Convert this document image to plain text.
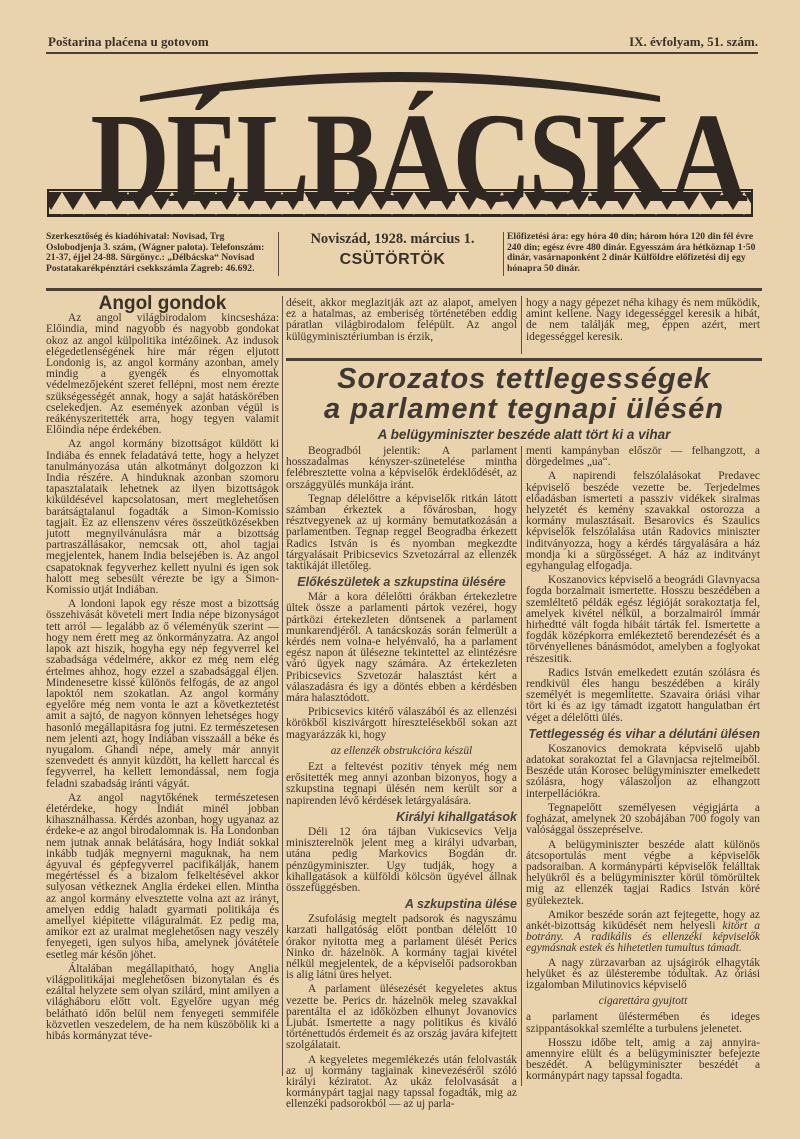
Poštarina plaćena u gotovom	IX. évfolyam, 51. szám.
DÉLBÁCSKA
Szerkesztőség és kiadóhivatal: Novisad, Trg Oslobodjenja 3. szám, (Wágner palota). Telefonszám: 21-37, éjjel 24-88. Sürgönyc.: „Délbácska“ Novisad Postatakarékpénztári csekkszámla Zagreb: 46.692.
Noviszád, 1928. március 1.
CSÜTÖRTÖK
Előfizetési ára: egy hóra 40 din; három hóra 120 din fél évre 240 din; egész évre 480 dinár. Egyesszám ára hétköznap 1·50 dinár, vasárnaponként 2 dinár Külföldre előfizetési dij egy hónapra 50 dinár.
Angol gondok

Az angol világbirodalom kincsesháza: Előindia, mind nagyobb és nagyobb gondokat okoz az angol külpolitika intézőinek. Az indusok elégedetlenségének hire már régen eljutott Londonig is, az angol kormány azonban, amely mindig a gyengék és elnyomottak védelmezőjeként szeret fellépni, most nem érezte szükségességét annak, hogy a saját hatáskörében cselekedjen. Az események azonban végül is reákényszeritették arra, hogy tegyen valamit Előindia népe érdekében.

Az angol kormány bizottságot küldött ki Indiába és ennek feladatává tette, hogy a helyzet tanulmányozása után alkotmányt dolgozzon ki India részére. A hinduknak azonban szomoru tapasztalataik lehetnek az ilyen bizottságok kiküldésével kapcsolatosan, mert meglehetősen barátságtalanul fogadták a Simon-Komissio tagjait. Ez az ellenszenv véres összeütközésekben jutott megnyilvánulásra már a bizottság partraszállásakor, nemcsak ott, ahol tagjai megjelentek, hanem India belsejében is. Az angol csapatoknak fegyverhez kellett nyulni és igen sok halott meg sebesült vérezte be igy a Simon-Komissio utját Indiában.

A londoni lapok egy része most a bizottság összehivását követeli mert India népe bizonyságot tett arról — legalább az ő véleményük szerint — hogy nem érett meg az önkormányzatra. Az angol lapok azt hiszik, hogyha egy nép fegyverrel kel szabadsága védelmére, akkor ez még nem elég értelmes ahhoz, hogy ezzel a szabadsággal éljen. Mindenesetre kissé különös felfogás, de az angol lapoktól nem szokatlan. Az angol kormány egyelőre még nem vonta le azt a következtetést amit a sajtó, de nagyon könnyen lehetséges hogy hasonló megállapitásra fog jutni. Ez természetesen nem jelenti azt, hogy Indiában visszaáll a béke és nyugalom. Ghandi népe, amely már annyit szenvedett és annyit küzdött, ha kellett harccal és fegyverrel, ha kellett lemondással, nem fogja feladni szabadság iránti vágyát.

Az angol nagytőkének természetesen életérdeke, hogy Indiát minél jobban kihasználhassa. Kérdés azonban, hogy ugyanaz az érdeke-e az angol birodalomnak is. Ha Londonban nem jutnak annak belátására, hogy Indiát sokkal inkább tudják megnyerni maguknak, ha nem ágyuval és gépfegyverrel pacifikálják, hanem megértéssel és a bizalom felkeltésével akkor sulyosan vétkeznek Anglia érdekei ellen. Mintha az angol kormány elvesztette volna azt az irányt, amelyen eddig haladt gyarmati politikája és amellyel kiépitette világuralmát. Ez pedig ma, amikor ezt az uralmat meglehetősen nagy veszély fenyegeti, igen sulyos hiba, amelynek jóvátétele esetleg már későn jöhet.

Általában megállapitható, hogy Anglia világpolitikájai meglehetősen bizonytalan és és ezáltal helyzete sem olyan szilárd, mint amilyen a világháboru előtt volt. Egyelőre ugyan még belátható időn belül nem fenyegeti semmiféle közvetlen veszedelem, de ha nem küszöbölik ki a hibás kormányzat téve-

déseit, akkor meglazitják azt az alapot, amelyen ez a hatalmas, az emberiség történetében eddig páratlan világbirodalom felépült. Az angol külügyminisztériumban is érzik,

hogy a nagy gépezet néha kihagy és nem működik, amint kellene. Nagy idegességgel keresik a hibát, de nem találják meg, éppen azért, mert idegességgel keresik.

Sorozatos tettlegességek
a parlament tegnapi ülésén
A belügyminiszter beszéde alatt tört ki a vihar

Beogradból jelentik: A parlament hosszadalmas kényszer-szünetelése mintha felébresztette volna a képviselők érdeklődését, az országgyülés munkája iránt.

Tegnap délelőttre a képviselők ritkán látott számban érkeztek a fővárosban, hogy résztvegyenek az uj kormány bemutatkozásán a parlamentben. Tegnap reggel Beogradba érkezett Radics István is és nyomban megkezdte tárgyalásait Pribicsevics Szvetozárral az ellenzék taktikáját illetőleg.

Előkészületek a szkupstina ülésére

Már a kora délelőtti órákban értekezletre ültek össze a parlamenti pártok vezérei, hogy pártközi értekezleten döntsenek a parlament munkarendjéről. A tanácskozás során felmerült a kérdés nem volna-e helyénvaló, ha a parlament egész napon át ülésezne tekintettel az elintézésre váró ügyek nagy számára. Az értekezleten Pribicsevics Szvetozár halasztást kért a válaszadásra és igy a döntés ebben a kérdésben mára halasztódott.

Pribicsevics kitérő válaszából és az ellenzési körökből kiszivárgott híresztelésekből sokan azt magyarázzák ki, hogy

az ellenzék obstrukcióra készül

Ezt a feltevést pozitiv tények még nem erősitették meg annyi azonban bizonyos, hogy a szkupstina tegnapi ülésén nem került sor a napirenden lévő kérdések letárgyalására.

Királyi kihallgatások

Déli 12 óra tájban Vukicsevics Velja miniszterelnök jelent meg a királyi udvarban, utána pedig Markovics Bogdán dr. pénzügyminiszter. Ugy tudják, hogy a kihallgatások a külföldi kölcsön ügyével állnak összefüggésben.

A szkupstina ülése

Zsufolásig megtelt padsorok és nagyszámu karzati hallgatóság előtt pontban délelőtt 10 órakor nyitotta meg a parlament ülését Perics Ninko dr. házelnök. A kormány tagjai kivétel nélkül megjelentek, de a képviselői padsorokban is alig látni üres helyet.

A parlament ülésezését kegyeletes aktus vezette be. Perics dr. házelnök meleg szavakkal parentálta el az időközben elhunyt Jovanovics Ljubát. Ismertette a nagy politikus és kiváló történettudós érdemeit és az ország javára kifejtett szolgálatait.

A kegyeletes megemlékezés után felolvasták az uj kormány tagjainak kinevezéséről szóló királyi kéziratot. Az ukáz felolvasását a kormánypárt tagjai nagy tapssal fogadták, mig az ellenzéki padsorokból — az uj parla-

menti kampányban először — felhangzott, a dörgedelmes „ua“.

A napirendi felszólalásokat Predavec képviselő beszéde vezette be. Terjedelmes előadásban ismerteti a passziv vidékek siralmas helyzetét és kemény szavakkal ostorozza a kormány mulasztásait. Besarovics és Szaulics képviselők felszólalása után Radovics miniszter inditványozza, hogy a kérdés tárgyalására a ház mondja ki a sürgősséget. A ház az inditványt egyhangulag elfogadja.

Koszanovics képviselő a beográdi Glavnyacsa fogda borzalmait ismertette. Hosszu beszédében a szemléltető példák egész légióját sorakoztatja fel, amelyek kivétel nélkül, a borzalmairól immár hirhedtté vált fogda hibáit tárták fel. Ismertette a fogdák középkorra emlékeztető berendezését és a törvényellenes bánásmódot, amelyben a foglyokat részesitik.

Radics István emelkedett ezután szólásra és rendkivül éles hangu beszédében a király személyét is megemlitette. Szavaira óriási vihar tört ki és az igy támadt izgatott hangulatban ért véget a délelőtti ülés.

Tettlegesség és vihar a délutáni ülésen

Koszanovics demokrata képviselő ujabb adatokat sorakoztat fel a Glavnjacsa rejtelmeiből. Beszéde után Korosec belügyminiszter emelkedett szólásra, hogy válaszoljon az elhangzott interpellációkra.

Tegnapelőtt személyesen végigjárta a fogházat, amelynek 20 szobájában 700 fogoly van valósággal összepréselve.

A belügyminiszter beszéde alatt különös átcsoportulás ment végbe a képviselők padsoraiban. A kormánypárti képviselők felálltak helyükről és a belügyminiszter körül tömörültek mig az ellenzék tagjai Radics István köré gyülekeztek.

Amikor beszéde során azt fejtegette, hogy az ankét-bizottság kiküdését nem helyesli kitört a botrány. A radikális és ellenzéki képviselők egymásnak estek és hihetetlen tumultus támadt.

A nagy zürzavarban az ujságirók elhagyták helyüket és az ülésterembe tódultak. Az óriási izgalomban Milutinovics képviselő

cigarettára gyujtott

a parlament üléstermében és ideges szippantásokkal szemlélte a turbulens jelenetet.

Hosszu időbe telt, amig a zaj annyira-amennyire elült és a belügyminiszter befejezte beszédét. A belügyminiszter beszédét a kormánypárt nagy tapssal fogadta.
